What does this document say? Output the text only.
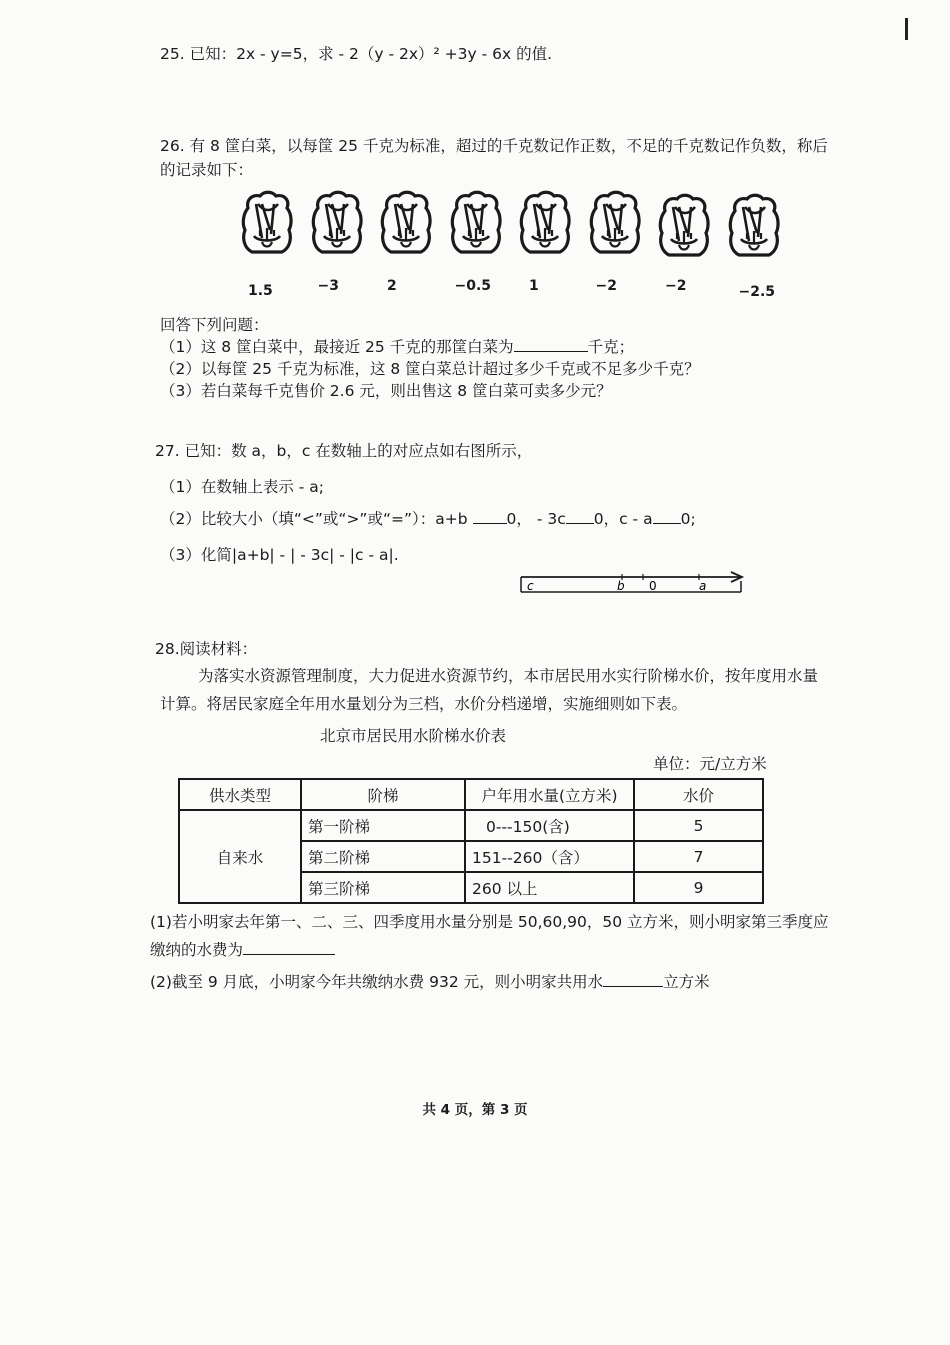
25. 已知：2x - y=5，求 - 2（y - 2x）² +3y - 6x 的值.
26. 有 8 筐白菜，以每筐 25 千克为标准，超过的千克数记作正数，不足的千克数记作负数，称后
的记录如下：
1.5	−3	2	−0.5	1	−2	−2	−2.5
回答下列问题：
（1）这 8 筐白菜中，最接近 25 千克的那筐白菜为	千克；
（2）以每筐 25 千克为标准，这 8 筐白菜总计超过多少千克或不足多少千克？
（3）若白菜每千克售价 2.6 元，则出售这 8 筐白菜可卖多少元？
27. 已知：数 a，b，c 在数轴上的对应点如右图所示，
（1）在数轴上表示 - a;
（2）比较大小（填“<”或“>”或“=”）：a+b	0， - 3c 0，c - a 0;
（3）化简|a+b| - | - 3c| - |c - a|.
c	b 0	a
28.阅读材料：
为落实水资源管理制度，大力促进水资源节约，本市居民用水实行阶梯水价，按年度用水量
计算。将居民家庭全年用水量划分为三档，水价分档递增，实施细则如下表。
北京市居民用水阶梯水价表
单位：元/立方米
供水类型	阶梯	户年用水量(立方米)	水价
自来水	第一阶梯	0---150(含)	5
	第二阶梯	151--260（含）	7
	第三阶梯	260 以上	9
(1)若小明家去年第一、二、三、四季度用水量分别是 50,60,90，50 立方米，则小明家第三季度应
缴纳的水费为
(2)截至 9 月底，小明家今年共缴纳水费 932 元，则小明家共用水	立方米
共 4 页，第 3 页
